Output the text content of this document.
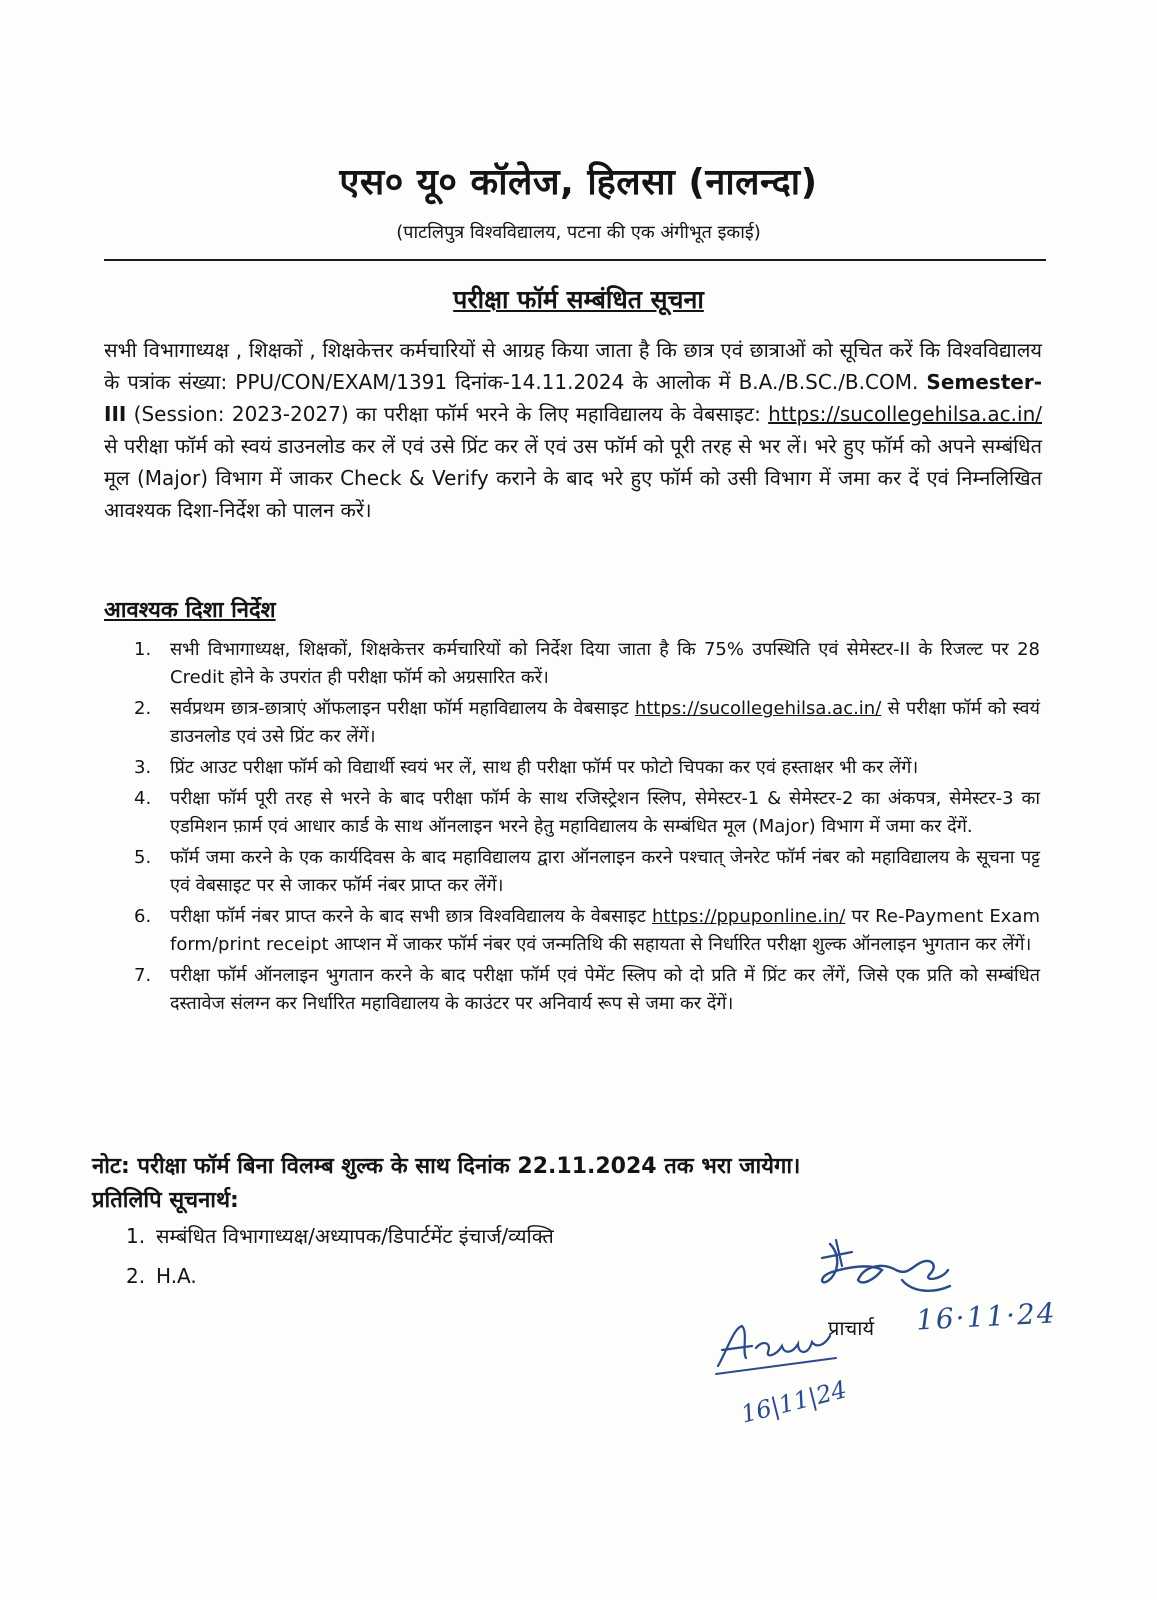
एस० यू० कॉलेज, हिलसा (नालन्दा)
(पाटलिपुत्र विश्वविद्यालय, पटना की एक अंगीभूत इकाई)
परीक्षा फॉर्म सम्बंधित सूचना

सभी विभागाध्यक्ष , शिक्षकों , शिक्षकेत्तर कर्मचारियों से आग्रह किया जाता है कि छात्र एवं छात्राओं को सूचित करें कि विश्वविद्यालय के पत्रांक संख्या: PPU/CON/EXAM/1391 दिनांक-14.11.2024 के आलोक में B.A./B.SC./B.COM. Semester-III (Session: 2023-2027) का परीक्षा फॉर्म भरने के लिए महाविद्यालय के वेबसाइट: https://sucollegehilsa.ac.in/ से परीक्षा फॉर्म को स्वयं डाउनलोड कर लें एवं उसे प्रिंट कर लें एवं उस फॉर्म को पूरी तरह से भर लें। भरे हुए फॉर्म को अपने सम्बंधित मूल (Major) विभाग में जाकर Check & Verify कराने के बाद भरे हुए फॉर्म को उसी विभाग में जमा कर दें एवं निम्नलिखित आवश्यक दिशा-निर्देश को पालन करें।

आवश्यक दिशा निर्देश
1. सभी विभागाध्यक्ष, शिक्षकों, शिक्षकेत्तर कर्मचारियों को निर्देश दिया जाता है कि 75% उपस्थिति एवं सेमेस्टर-II के रिजल्ट पर 28 Credit होने के उपरांत ही परीक्षा फॉर्म को अग्रसारित करें।
2. सर्वप्रथम छात्र-छात्राएं ऑफलाइन परीक्षा फॉर्म महाविद्यालय के वेबसाइट https://sucollegehilsa.ac.in/ से परीक्षा फॉर्म को स्वयं डाउनलोड एवं उसे प्रिंट कर लेंगें।
3. प्रिंट आउट परीक्षा फॉर्म को विद्यार्थी स्वयं भर लें, साथ ही परीक्षा फॉर्म पर फोटो चिपका कर एवं हस्ताक्षर भी कर लेंगें।
4. परीक्षा फॉर्म पूरी तरह से भरने के बाद परीक्षा फॉर्म के साथ रजिस्ट्रेशन स्लिप, सेमेस्टर-1 & सेमेस्टर-2 का अंकपत्र, सेमेस्टर-3 का एडमिशन फ़ार्म एवं आधार कार्ड के साथ ऑनलाइन भरने हेतु महाविद्यालय के सम्बंधित मूल (Major) विभाग में जमा कर देंगें.
5. फॉर्म जमा करने के एक कार्यदिवस के बाद महाविद्यालय द्वारा ऑनलाइन करने पश्चात् जेनरेट फॉर्म नंबर को महाविद्यालय के सूचना पट्ट एवं वेबसाइट पर से जाकर फॉर्म नंबर प्राप्त कर लेंगें।
6. परीक्षा फॉर्म नंबर प्राप्त करने के बाद सभी छात्र विश्वविद्यालय के वेबसाइट https://ppuponline.in/ पर Re-Payment Exam form/print receipt आप्शन में जाकर फॉर्म नंबर एवं जन्मतिथि की सहायता से निर्धारित परीक्षा शुल्क ऑनलाइन भुगतान कर लेंगें।
7. परीक्षा फॉर्म ऑनलाइन भुगतान करने के बाद परीक्षा फॉर्म एवं पेमेंट स्लिप को दो प्रति में प्रिंट कर लेंगें, जिसे एक प्रति को सम्बंधित दस्तावेज संलग्न कर निर्धारित महाविद्यालय के काउंटर पर अनिवार्य रूप से जमा कर देंगें।
नोट: परीक्षा फॉर्म बिना विलम्ब शुल्क के साथ दिनांक 22.11.2024 तक भरा जायेगा।
प्रतिलिपि सूचनार्थ:
1. सम्बंधित विभागाध्यक्ष/अध्यापक/डिपार्टमेंट इंचार्ज/व्यक्ति
2. H.A.
प्राचार्य 16·11·24
16|11|24
